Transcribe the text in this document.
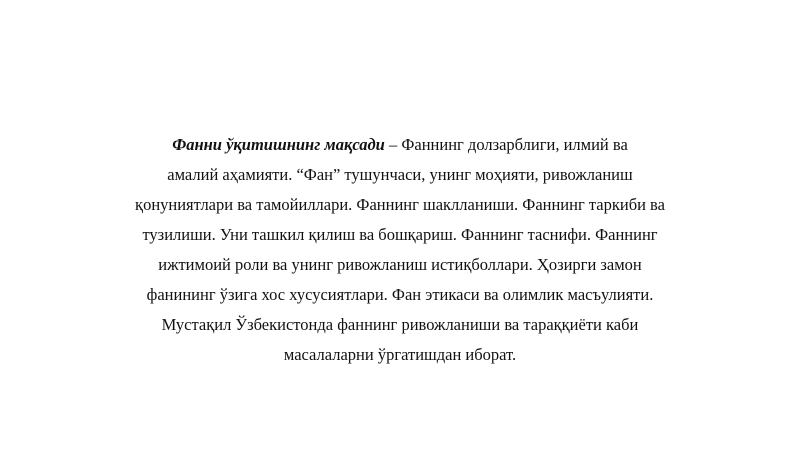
Фанни ўқитишнинг мақсади – Фаннинг долзарблиги, илмий ва
амалий аҳамияти. “Фан” тушунчаси, унинг моҳияти, ривожланиш
қонуниятлари ва тамойиллари. Фаннинг шаклланиши. Фаннинг таркиби ва
тузилиши. Уни ташкил қилиш ва бошқариш. Фаннинг таснифи. Фаннинг
ижтимоий роли ва унинг ривожланиш истиқболлари. Ҳозирги замон
фанининг ўзига хос хусусиятлари. Фан этикаси ва олимлик масъулияти.
Мустақил Ўзбекистонда фаннинг ривожланиши ва тараққиёти каби
масалаларни ўргатишдан иборат.
